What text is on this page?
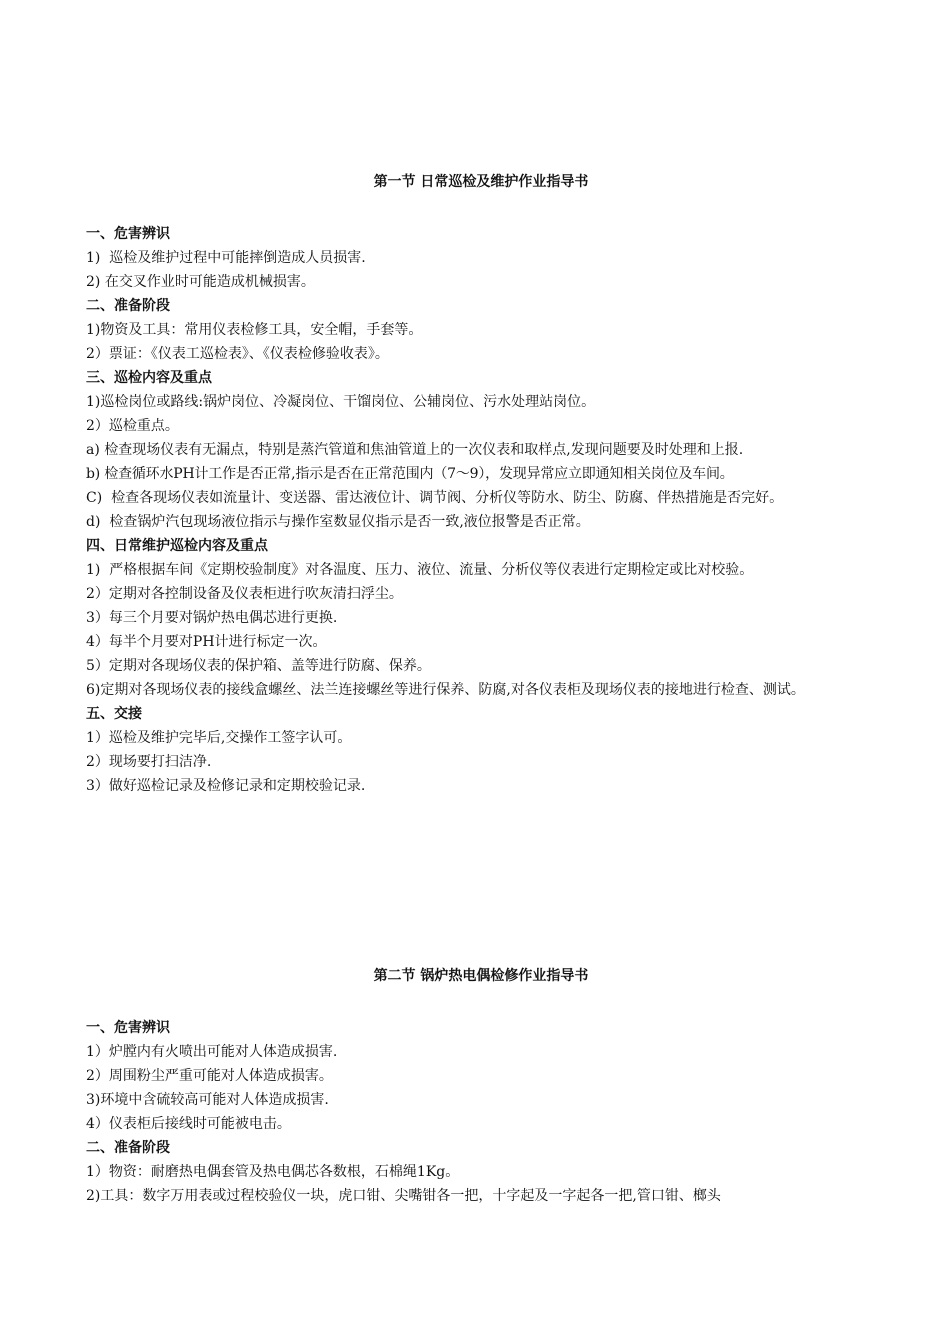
第一节 日常巡检及维护作业指导书

一、危害辨识

1)  巡检及维护过程中可能摔倒造成人员损害.

2) 在交叉作业时可能造成机械损害。

二、准备阶段

1)物资及工具：常用仪表检修工具，安全帽，手套等。

2）票证：《仪表工巡检表》、《仪表检修验收表》。

三、巡检内容及重点

1)巡检岗位或路线:锅炉岗位、冷凝岗位、干馏岗位、公辅岗位、污水处理站岗位。

2）巡检重点。

a) 检查现场仪表有无漏点，特别是蒸汽管道和焦油管道上的一次仪表和取样点,发现问题要及时处理和上报.

b) 检查循环水PH计工作是否正常,指示是否在正常范围内（7～9），发现异常应立即通知相关岗位及车间。

C)  检查各现场仪表如流量计、变送器、雷达液位计、调节阀、分析仪等防水、防尘、防腐、伴热措施是否完好。

d)  检查锅炉汽包现场液位指示与操作室数显仪指示是否一致,液位报警是否正常。

四、日常维护巡检内容及重点

1)  严格根据车间《定期校验制度》对各温度、压力、液位、流量、分析仪等仪表进行定期检定或比对校验。

2）定期对各控制设备及仪表柜进行吹灰清扫浮尘。

3）每三个月要对锅炉热电偶芯进行更换.

4）每半个月要对PH计进行标定一次。

5）定期对各现场仪表的保护箱、盖等进行防腐、保养。

6)定期对各现场仪表的接线盒螺丝、法兰连接螺丝等进行保养、防腐,对各仪表柜及现场仪表的接地进行检查、测试。

五、交接

1）巡检及维护完毕后,交操作工签字认可。

2）现场要打扫洁净.

3）做好巡检记录及检修记录和定期校验记录.

第二节 锅炉热电偶检修作业指导书

一、危害辨识

1）炉膛内有火喷出可能对人体造成损害.

2）周围粉尘严重可能对人体造成损害。

3)环境中含硫较高可能对人体造成损害.

4）仪表柜后接线时可能被电击。

二、准备阶段

1）物资：耐磨热电偶套管及热电偶芯各数根，石棉绳1Kg。

2)工具：数字万用表或过程校验仪一块，虎口钳、尖嘴钳各一把，十字起及一字起各一把,管口钳、榔头
